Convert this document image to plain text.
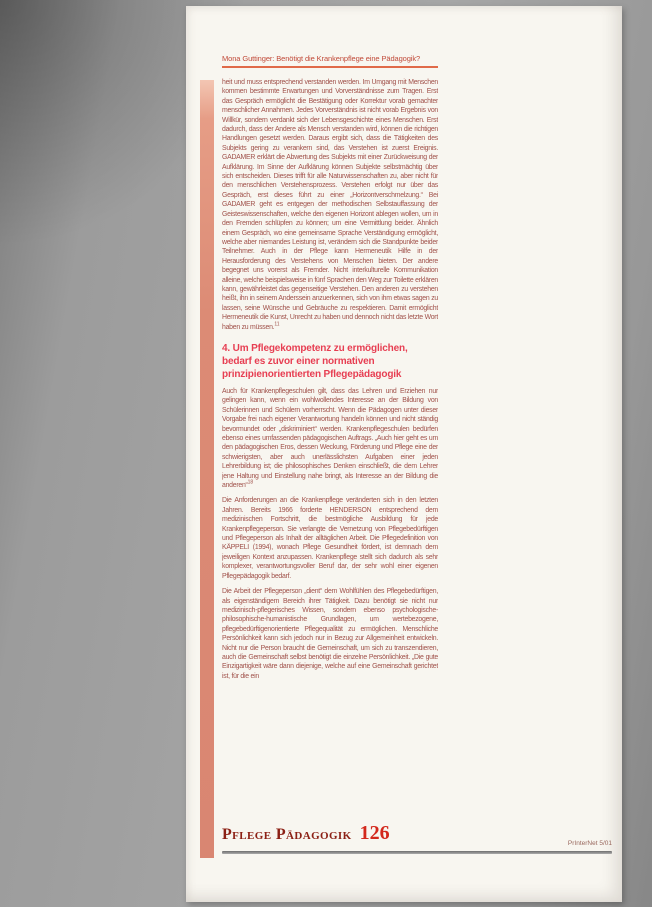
Mona Guttinger: Benötigt die Krankenpflege eine Pädagogik?

heit und muss entsprechend verstanden werden. Im Umgang mit Menschen kommen bestimmte Erwartungen und Vorverständnisse zum Tragen. Erst das Gespräch ermöglicht die Bestätigung oder Korrektur vorab gemachter menschlicher Annahmen. Jedes Vorverständnis ist nicht vorab Ergebnis von Willkür, sondern verdankt sich der Lebensgeschichte eines Menschen. Erst dadurch, dass der Andere als Mensch verstanden wird, können die richtigen Handlungen gesetzt werden. Daraus ergibt sich, dass die Tätigkeiten des Subjekts gering zu verankern sind, das Verstehen ist zuerst Ereignis. GADAMER erklärt die Abwertung des Subjekts mit einer Zurückweisung der Aufklärung. Im Sinne der Aufklärung können Subjekte selbstmächtig über sich entscheiden. Dieses trifft für alle Naturwissenschaften zu, aber nicht für den menschlichen Verstehensprozess. Verstehen erfolgt nur über das Gespräch, erst dieses führt zu einer „Horizontverschmelzung.“ Bei GADAMER geht es entgegen der methodischen Selbstauffassung der Geisteswissenschaften, welche den eigenen Horizont ablegen wollen, um in den Fremden schlüpfen zu können; um eine Vermittlung beider. Ähnlich einem Gespräch, wo eine gemeinsame Sprache Verständigung ermöglicht, welche aber niemandes Leistung ist, verändern sich die Standpunkte beider Teilnehmer. Auch in der Pflege kann Hermeneutik Hilfe in der Herausforderung des Verstehens von Menschen bieten. Der andere begegnet uns vorerst als Fremder. Nicht interkulturelle Kommunikation alleine, welche beispielsweise in fünf Sprachen den Weg zur Toilette erklären kann, gewährleistet das gegenseitige Verstehen. Den anderen zu verstehen heißt, ihn in seinem Anderssein anzuerkennen, sich von ihm etwas sagen zu lassen, seine Wünsche und Gebräuche zu respektieren. Damit ermöglicht Hermeneutik die Kunst, Unrecht zu haben und dennoch nicht das letzte Wort haben zu müssen.$^{11}$

4. Um Pflegekompetenz zu ermöglichen, bedarf es zuvor einer normativen prinzipienorientierten Pflegepädagogik

Auch für Krankenpflegeschulen gilt, dass das Lehren und Erziehen nur gelingen kann, wenn ein wohlwollendes Interesse an der Bildung von Schülerinnen und Schülern vorherrscht. Wenn die Pädagogen unter dieser Vorgabe frei nach eigener Verantwortung handeln können und nicht ständig bevormundet oder „diskriminiert“ werden. Krankenpflegeschulen bedürfen ebenso eines umfassenden pädagogischen Auftrags. „Auch hier geht es um den pädagogischen Eros, dessen Weckung, Förderung und Pflege eine der schwierigsten, aber auch unerlässlichsten Aufgaben einer jeden Lehrerbildung ist; die philosophisches Denken einschließt, die dem Lehrer jene Haltung und Einstellung nahe bringt, als Interesse an der Bildung die anderen“$^{18}$

Die Anforderungen an die Krankenpflege veränderten sich in den letzten Jahren. Bereits 1966 forderte HENDERSON entsprechend dem medizinischen Fortschritt, die bestmögliche Ausbildung für jede Krankenpflegeperson. Sie verlangte die Vernetzung von Pflegebedürftigen und Pflegeperson als Inhalt der alltäglichen Arbeit. Die Pflegedefinition von KÄPPELI (1994), wonach Pflege Gesundheit fördert, ist demnach dem jeweiligen Kontext anzupassen. Krankenpflege stellt sich dadurch als sehr komplexer, verantwortungsvoller Beruf dar, der sehr wohl einer eigenen Pflegepädagogik bedarf.

Die Arbeit der Pflegeperson „dient“ dem Wohlfühlen des Pflegebedürftigen, als eigenständigem Bereich ihrer Tätigkeit. Dazu benötigt sie nicht nur medizinisch-pflegerisches Wissen, sondern ebenso psychologische-philosophische-humanistische Grundlagen, um wertebezogene, pflegebedürftigenorientierte Pflegequalität zu ermöglichen. Menschliche Persönlichkeit kann sich jedoch nur in Bezug zur Allgemeinheit entwickeln. Nicht nur die Person braucht die Gemeinschaft, um sich zu transzendieren, auch die Gemeinschaft selbst benötigt die einzelne Persönlichkeit. „Die gute Einzigartigkeit wäre dann diejenige, welche auf eine Gemeinschaft gerichtet ist, für die ein

Pflege Pädagogik 126	PrInterNet 5/01
